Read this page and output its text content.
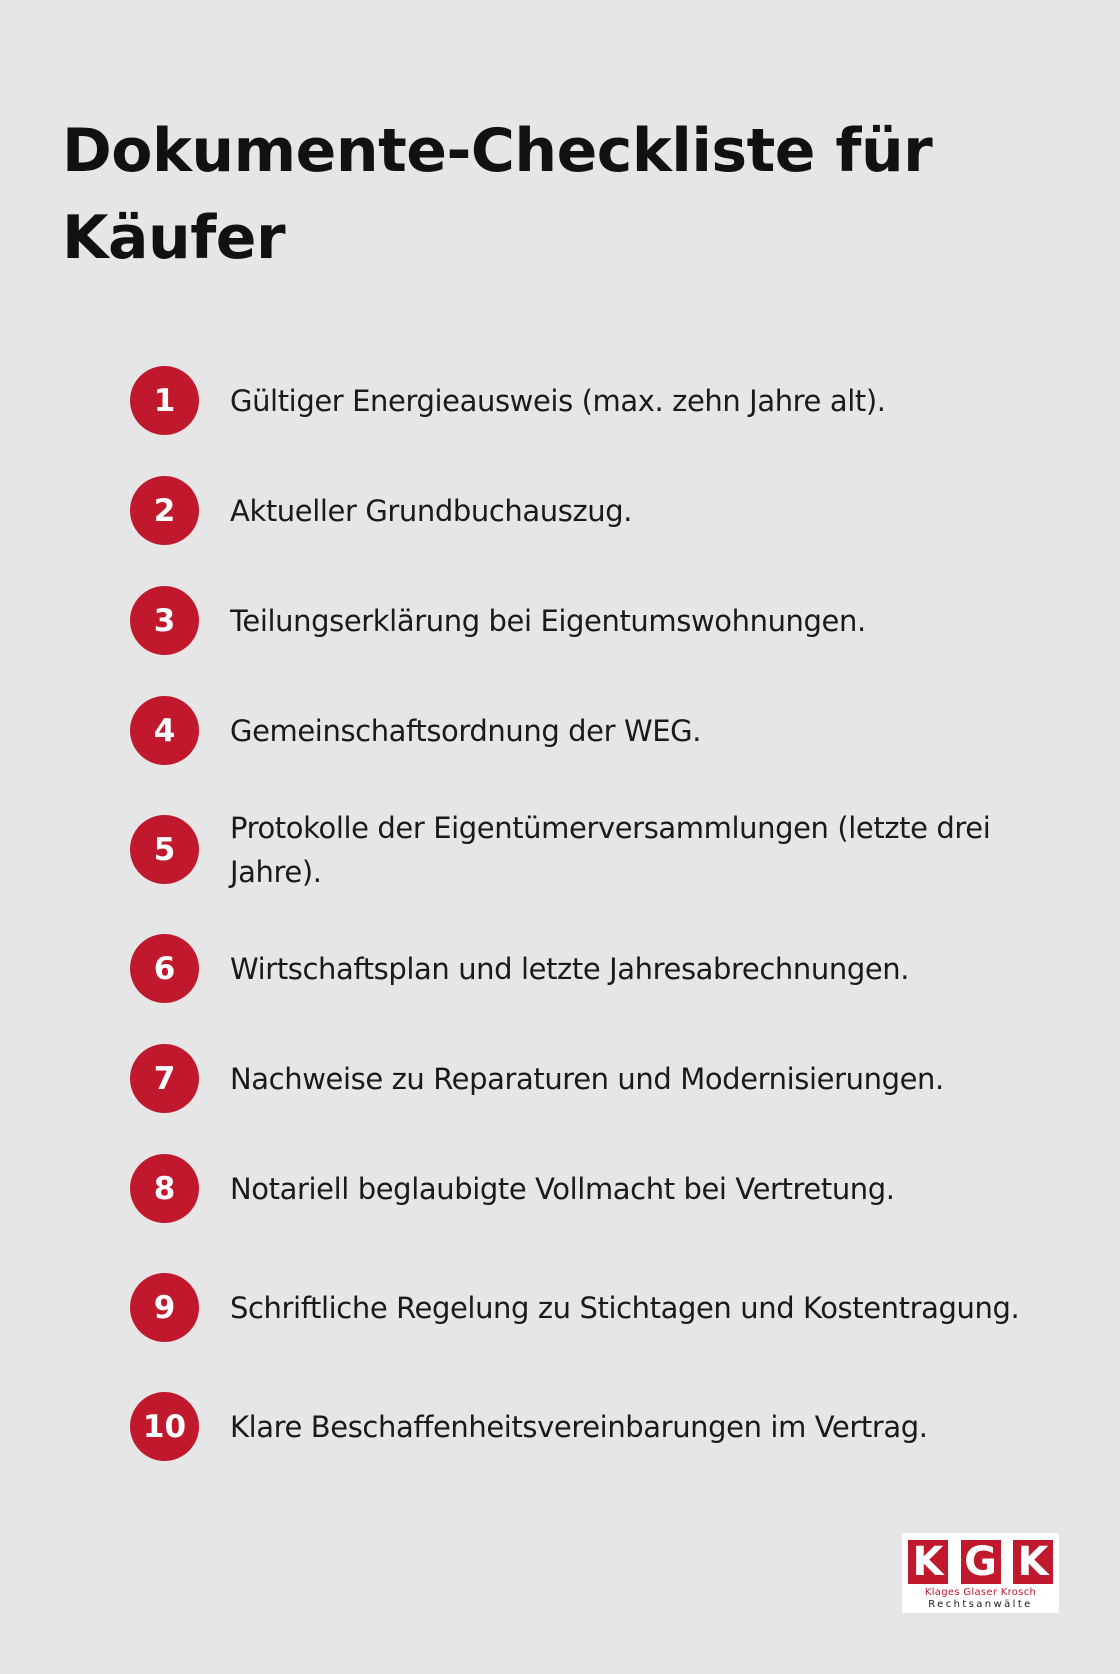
Dokumente-Checkliste für Käufer
1	Gültiger Energieausweis (max. zehn Jahre alt).
2	Aktueller Grundbuchauszug.
3	Teilungserklärung bei Eigentumswohnungen.
4	Gemeinschaftsordnung der WEG.
5
Protokolle der Eigentümerversammlungen (letzte drei Jahre).
6	Wirtschaftsplan und letzte Jahresabrechnungen.
7	Nachweise zu Reparaturen und Modernisierungen.
8	Notariell beglaubigte Vollmacht bei Vertretung.
9	Schriftliche Regelung zu Stichtagen und Kostentragung.
10	Klare Beschaffenheitsvereinbarungen im Vertrag.
K G K
Klages Glaser Krosch
Rechtsanwälte
